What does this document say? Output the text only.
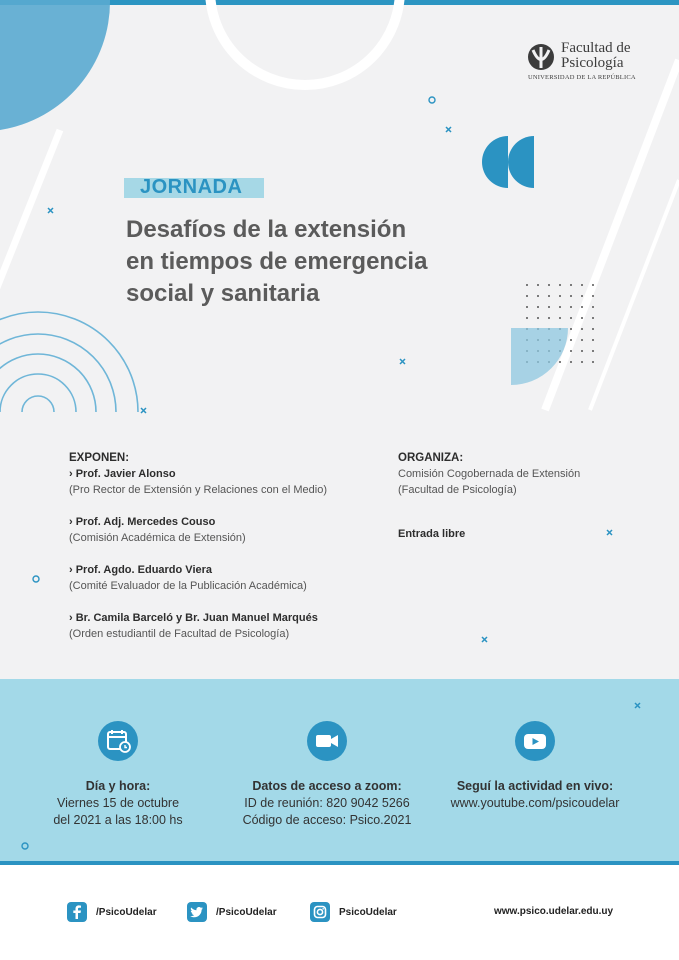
Facultad de
Psicología
UNIVERSIDAD DE LA REPÚBLICA
JORNADA
Desafíos de la extensión
en tiempos de emergencia
social y sanitaria
EXPONEN:
› Prof. Javier Alonso
(Pro Rector de Extensión y Relaciones con el Medio)
› Prof. Adj. Mercedes Couso
(Comisión Académica de Extensión)
› Prof. Agdo. Eduardo Viera
(Comité Evaluador de la Publicación Académica)
› Br. Camila Barceló y Br. Juan Manuel Marqués
(Orden estudiantil de Facultad de Psicología)
ORGANIZA:
Comisión Cogobernada de Extensión
(Facultad de Psicología)
Entrada libre
Día y hora:
Viernes 15 de octubre
del 2021 a las 18:00 hs
Datos de acceso a zoom:
ID de reunión: 820 9042 5266
Código de acceso: Psico.2021
Seguí la actividad en vivo:
www.youtube.com/psicoudelar
/PsicoUdelar	/PsicoUdelar	PsicoUdelar	www.psico.udelar.edu.uy
